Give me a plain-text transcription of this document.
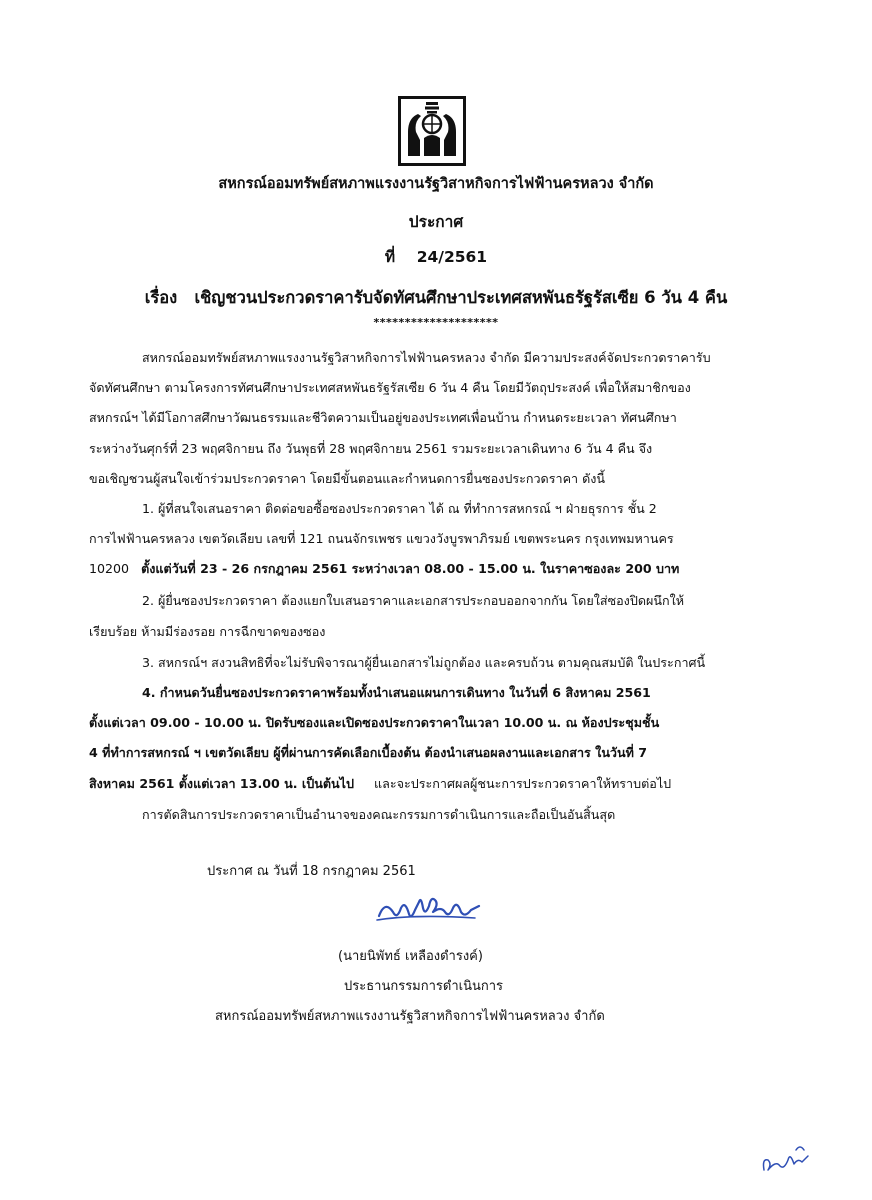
สหกรณ์ออมทรัพย์สหภาพแรงงานรัฐวิสาหกิจการไฟฟ้านครหลวง จำกัด
ประกาศ
ที่ 24/2561
เรื่อง เชิญชวนประกวดราคารับจัดทัศนศึกษาประเทศสหพันธรัฐรัสเซีย 6 วัน 4 คืน
********************
สหกรณ์ออมทรัพย์สหภาพแรงงานรัฐวิสาหกิจการไฟฟ้านครหลวง จำกัด มีความประสงค์จัดประกวดราคารับ
จัดทัศนศึกษา ตามโครงการทัศนศึกษาประเทศสหพันธรัฐรัสเซีย 6 วัน 4 คืน โดยมีวัตถุประสงค์ เพื่อให้สมาชิกของ
สหกรณ์ฯ ได้มีโอกาสศึกษาวัฒนธรรมและชีวิตความเป็นอยู่ของประเทศเพื่อนบ้าน กำหนดระยะเวลา ทัศนศึกษา
ระหว่างวันศุกร์ที่ 23 พฤศจิกายน ถึง วันพุธที่ 28 พฤศจิกายน 2561 รวมระยะเวลาเดินทาง 6 วัน 4 คืน จึง
ขอเชิญชวนผู้สนใจเข้าร่วมประกวดราคา โดยมีขั้นตอนและกำหนดการยื่นซองประกวดราคา ดังนี้
1. ผู้ที่สนใจเสนอราคา ติดต่อขอซื้อซองประกวดราคา ได้ ณ ที่ทำการสหกรณ์ ฯ ฝ่ายธุรการ ชั้น 2
การไฟฟ้านครหลวง เขตวัดเลียบ เลขที่ 121 ถนนจักรเพชร แขวงวังบูรพาภิรมย์ เขตพระนคร กรุงเทพมหานคร
10200 ตั้งแต่วันที่ 23 - 26 กรกฎาคม 2561 ระหว่างเวลา 08.00 - 15.00 น. ในราคาซองละ 200 บาท
2. ผู้ยื่นซองประกวดราคา ต้องแยกใบเสนอราคาและเอกสารประกอบออกจากกัน โดยใส่ซองปิดผนึกให้
เรียบร้อย ห้ามมีร่องรอย การฉีกขาดของซอง
3. สหกรณ์ฯ สงวนสิทธิที่จะไม่รับพิจารณาผู้ยื่นเอกสารไม่ถูกต้อง และครบถ้วน ตามคุณสมบัติ ในประกาศนี้
4. กำหนดวันยื่นซองประกวดราคาพร้อมทั้งนำเสนอแผนการเดินทาง ในวันที่ 6 สิงหาคม 2561
ตั้งแต่เวลา 09.00 - 10.00 น. ปิดรับซองและเปิดซองประกวดราคาในเวลา 10.00 น. ณ ห้องประชุมชั้น
4 ที่ทำการสหกรณ์ ฯ เขตวัดเลียบ ผู้ที่ผ่านการคัดเลือกเบื้องต้น ต้องนำเสนอผลงานและเอกสาร ในวันที่ 7
สิงหาคม 2561 ตั้งแต่เวลา 13.00 น. เป็นต้นไป และจะประกาศผลผู้ชนะการประกวดราคาให้ทราบต่อไป
การตัดสินการประกวดราคาเป็นอำนาจของคณะกรรมการดำเนินการและถือเป็นอันสิ้นสุด
ประกาศ ณ วันที่ 18 กรกฎาคม 2561
(นายนิพัทธ์ เหลืองดำรงค์)
ประธานกรรมการดำเนินการ
สหกรณ์ออมทรัพย์สหภาพแรงงานรัฐวิสาหกิจการไฟฟ้านครหลวง จำกัด
